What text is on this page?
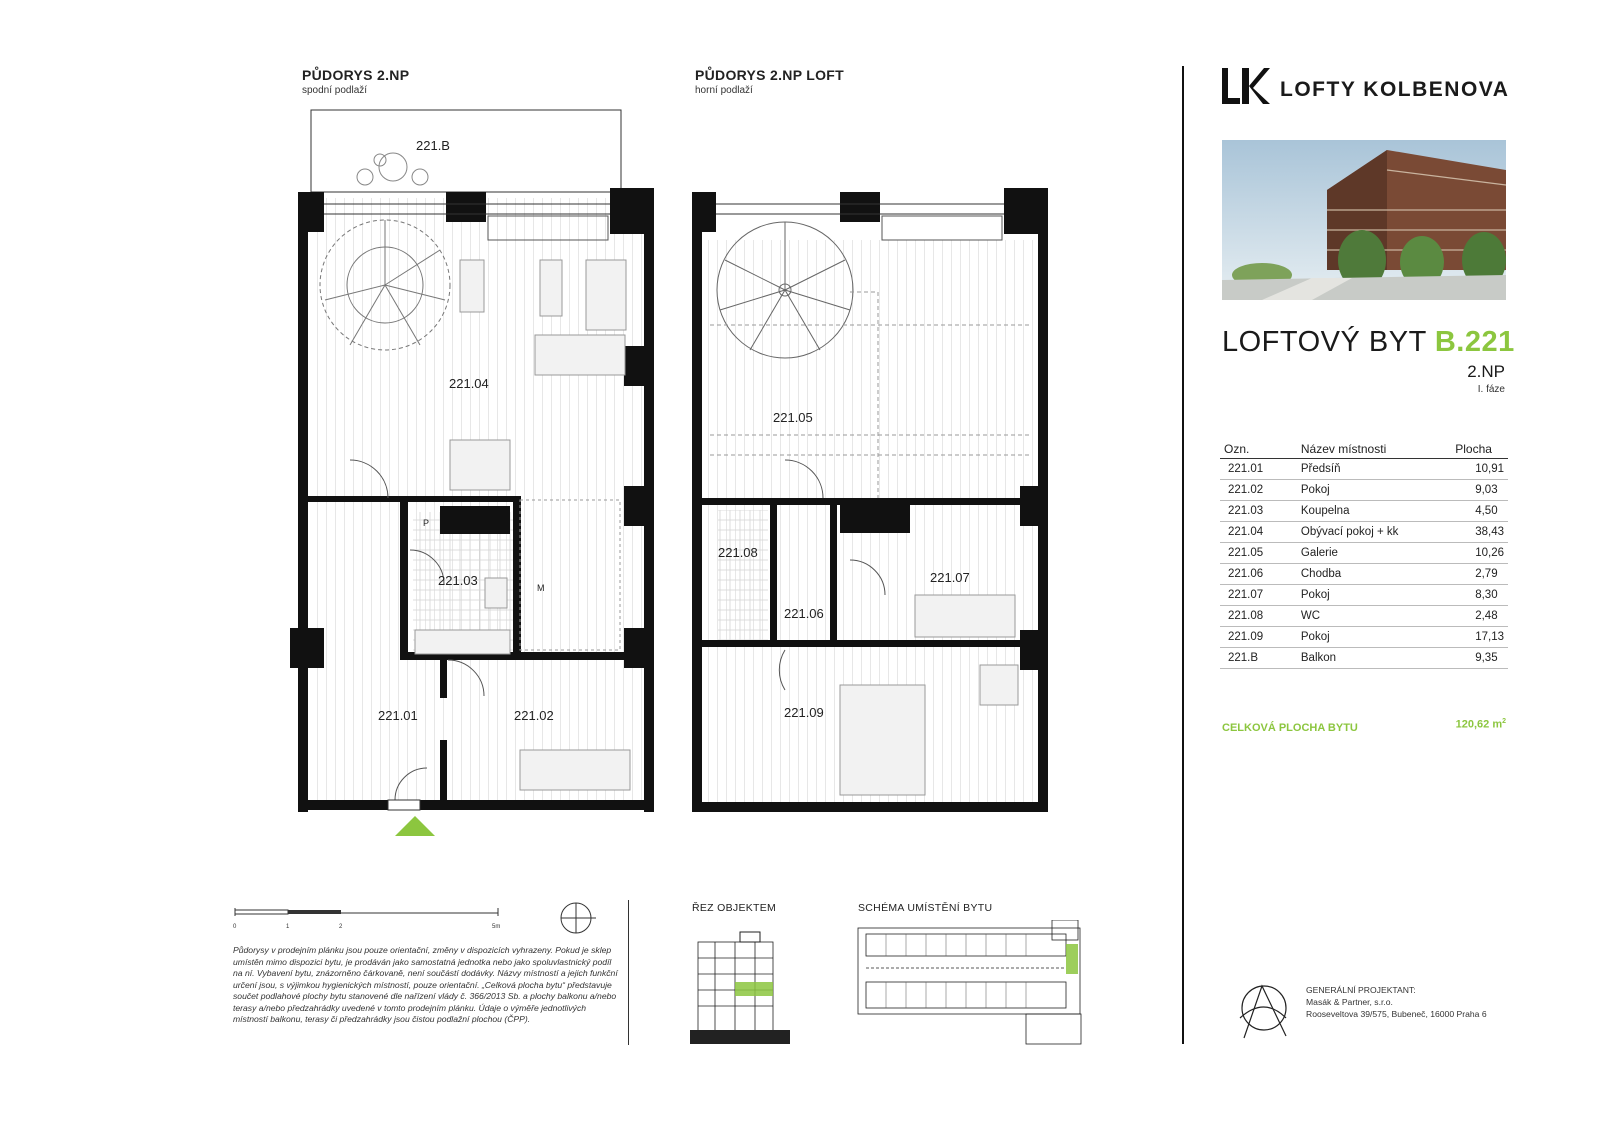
PŮDORYS 2.NP
spodní podlaží
221.B
221.04
221.03
221.01	221.02
P
M
PŮDORYS 2.NP LOFT
horní podlaží
221.05
221.08
221.06
221.07
221.09
LOFTY KOLBENOVA
LOFTOVÝ BYT B.221
2.NP
I. fáze
Ozn.	Název místnosti	Plocha
221.01	Předsíň	10,91
221.02	Pokoj	9,03
221.03	Koupelna	4,50
221.04	Obývací pokoj + kk	38,43
221.05	Galerie	10,26
221.06	Chodba	2,79
221.07	Pokoj	8,30
221.08	WC	2,48
221.09	Pokoj	17,13
221.B	Balkon	9,35
CELKOVÁ PLOCHA BYTU	120,62 $m^2$
0	1	2	5m
Půdorysy v prodejním plánku jsou pouze orientační, změny v dispozicích vyhrazeny. Pokud je sklep umístěn mimo dispozici bytu, je prodáván jako samostatná jednotka nebo jako spoluvlastnický podíl na ní. Vybavení bytu, znázorněno čárkovaně, není součástí dodávky. Názvy místností a jejich funkční určení jsou, s výjimkou hygienických místností, pouze orientační. „Celková plocha bytu“ představuje součet podlahové plochy bytu stanovené dle nařízení vlády č. 366/2013 Sb. a plochy balkonu a/nebo terasy a/nebo předzahrádky uvedené v tomto prodejním plánku. Údaje o výměře jednotlivých místností balkonu, terasy či předzahrádky jsou čistou podlažní plochou (ČPP).
ŘEZ OBJEKTEM	SCHÉMA UMÍSTĚNÍ BYTU
GENERÁLNÍ PROJEKTANT:
Masák & Partner, s.r.o.
Rooseveltova 39/575, Bubeneč, 16000 Praha 6
